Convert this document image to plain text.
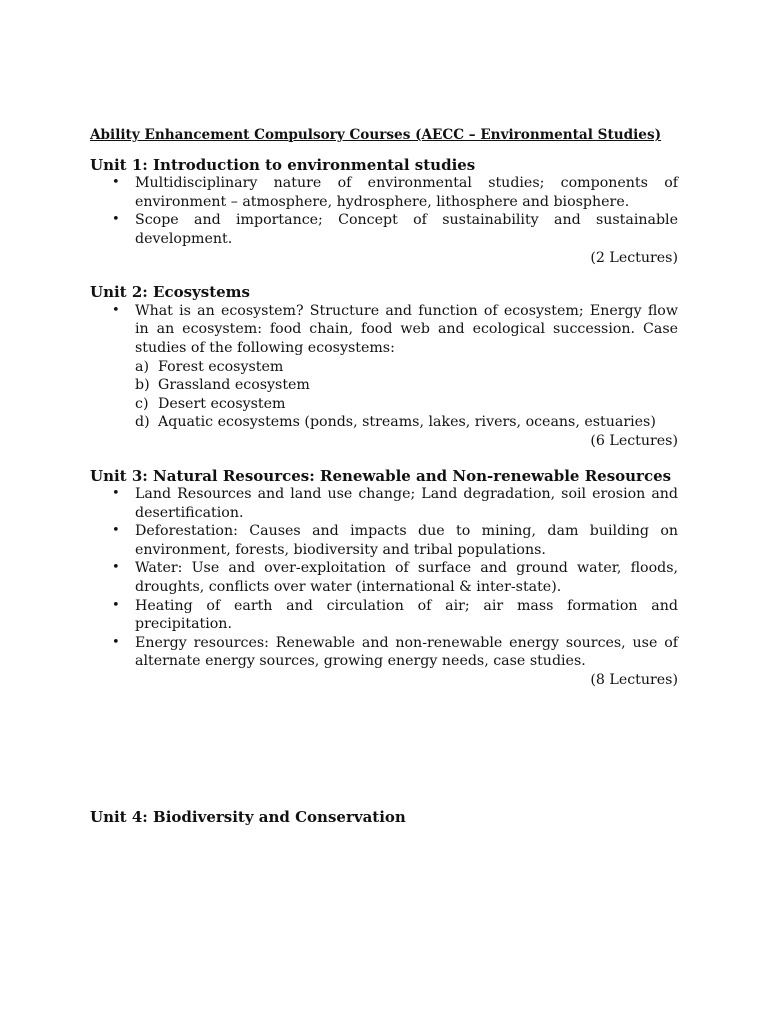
Ability Enhancement Compulsory Courses (AECC – Environmental Studies)
Unit 1: Introduction to environmental studies
• Multidisciplinary nature of environmental studies; components of environment – atmosphere, hydrosphere, lithosphere and biosphere.
• Scope and importance; Concept of sustainability and sustainable development.
(2 Lectures)
Unit 2: Ecosystems
• What is an ecosystem? Structure and function of ecosystem; Energy flow in an ecosystem: food chain, food web and ecological succession. Case studies of the following ecosystems:
a) Forest ecosystem
b) Grassland ecosystem
c) Desert ecosystem
d) Aquatic ecosystems (ponds, streams, lakes, rivers, oceans, estuaries)
(6 Lectures)
Unit 3: Natural Resources: Renewable and Non-renewable Resources
• Land Resources and land use change; Land degradation, soil erosion and desertification.
• Deforestation: Causes and impacts due to mining, dam building on environment, forests, biodiversity and tribal populations.
• Water: Use and over-exploitation of surface and ground water, floods, droughts, conflicts over water (international & inter-state).
• Heating of earth and circulation of air; air mass formation and precipitation.
• Energy resources: Renewable and non-renewable energy sources, use of alternate energy sources, growing energy needs, case studies.
(8 Lectures)
Unit 4: Biodiversity and Conservation
